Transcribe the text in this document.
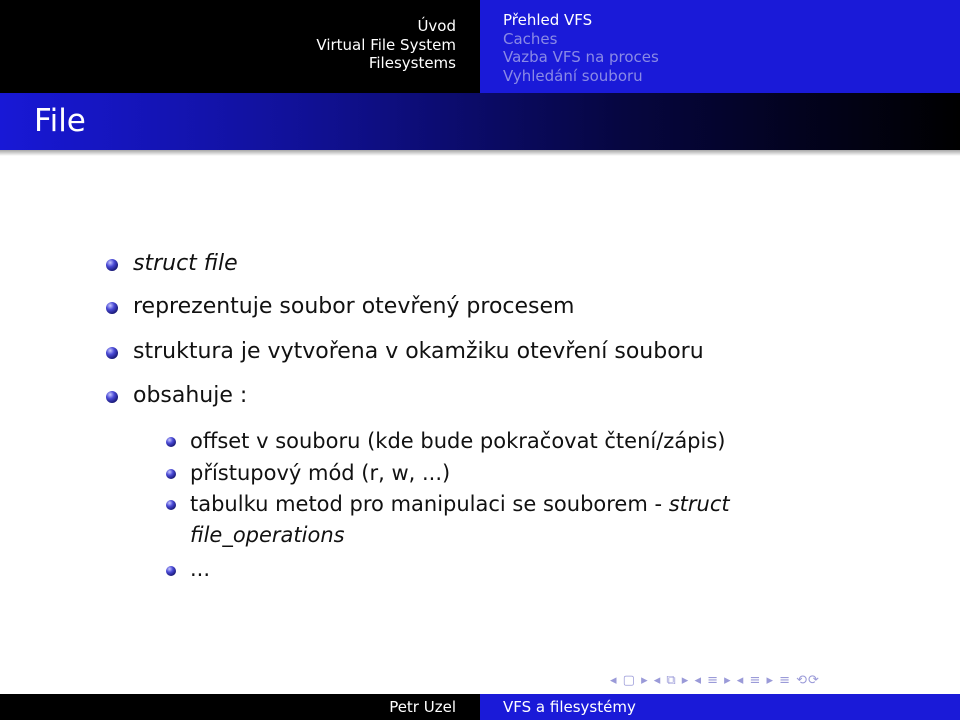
Úvod
Virtual File System
Filesystems
Přehled VFS
Caches
Vazba VFS na proces
Vyhledání souboru
File
struct file
reprezentuje soubor otevřený procesem
struktura je vytvořena v okamžiku otevření souboru
obsahuje :
offset v souboru (kde bude pokračovat čtení/zápis)
přístupový mód (r, w, ...)
tabulku metod pro manipulaci se souborem - struct
file_operations
...
◂ ▢ ▸ ◂ ⧉ ▸ ◂ ≡ ▸ ◂ ≡ ▸ ≡ ⟲⟳
Petr Uzel	VFS a filesystémy
